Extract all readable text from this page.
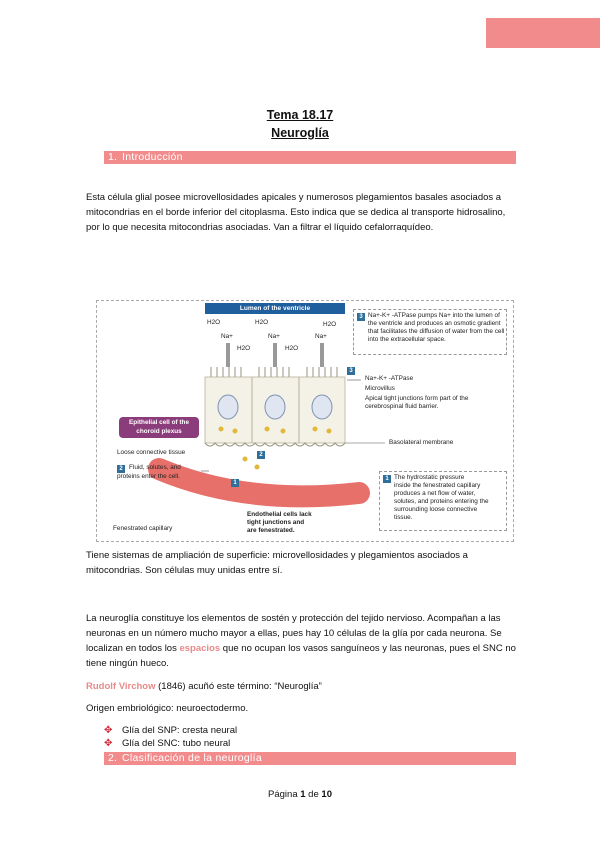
Tema 18.17
Neuroglía
1. Introducción
Esta célula glial posee microvellosidades apicales y numerosos plegamientos basales asociados a mitocondrias en el borde inferior del citoplasma. Esto indica que se dedica al transporte hidrosalino, por lo que necesita mitocondrias asociadas. Van a filtrar el líquido cefalorraquídeo.
Lumen of the ventricle
H2O
Na+
H2O
H2O
Na+
H2O
Na+
H2O
Epithelial cell of the
choroid plexus
Loose connective tissue
2 Fluid, solutes, and
proteins enter the cell.
2
1
Fenestrated capillary
Endothelial cells lack
tight junctions and
are fenestrated.
3 Na+-K+ -ATPase pumps Na+ into the lumen of
the ventricle and produces an osmotic gradient
that facilitates the diffusion of water from the cell
into the extracellular space.
3
Na+-K+ -ATPase
Microvillus
Apical tight junctions form part of the
cerebrospinal fluid barrier.
Basolateral membrane
1 The hydrostatic pressure
inside the fenestrated capillary
produces a net flow of water,
solutes, and proteins entering the
surrounding loose connective
tissue.
Tiene sistemas de ampliación de superficie: microvellosidades y plegamientos asociados a mitocondrias. Son células muy unidas entre sí.
La neuroglía constituye los elementos de sostén y protección del tejido nervioso. Acompañan a las neuronas en un número mucho mayor a ellas, pues hay 10 células de la glía por cada neurona. Se localizan en todos los espacios que no ocupan los vasos sanguíneos y las neuronas, pues el SNC no tiene ningún hueco.
Rudolf Virchow (1846) acuñó este término: “Neuroglía”
Origen embriológico: neuroectodermo.
✥ Glía del SNP: cresta neural
✥ Glía del SNC: tubo neural
2. Clasificación de la neuroglía
Página 1 de 10
